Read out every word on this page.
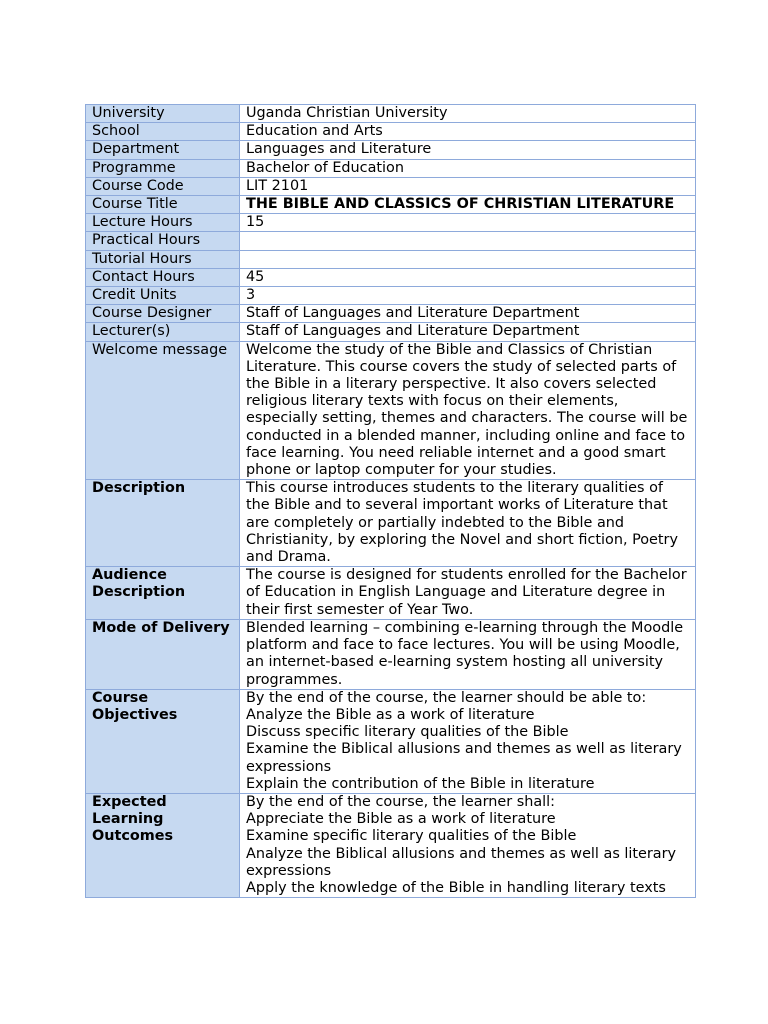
University	Uganda Christian University
School	Education and Arts
Department	Languages and Literature
Programme	Bachelor of Education
Course Code	LIT 2101
Course Title	THE BIBLE AND CLASSICS OF CHRISTIAN LITERATURE
Lecture Hours	15
Practical Hours	
Tutorial Hours	
Contact Hours	45
Credit Units	3
Course Designer	Staff of Languages and Literature Department
Lecturer(s)	Staff of Languages and Literature Department
Welcome message	Welcome the study of the Bible and Classics of Christian Literature. This course covers the study of selected parts of the Bible in a literary perspective. It also covers selected religious literary texts with focus on their elements, especially setting, themes and characters. The course will be conducted in a blended manner, including online and face to face learning. You need reliable internet and a good smart phone or laptop computer for your studies.
Description	This course introduces students to the literary qualities of the Bible and to several important works of Literature that are completely or partially indebted to the Bible and Christianity, by exploring the Novel and short fiction, Poetry and Drama.
Audience Description	The course is designed for students enrolled for the Bachelor of Education in English Language and Literature degree in their first semester of Year Two.
Mode of Delivery	Blended learning – combining e-learning through the Moodle platform and face to face lectures. You will be using Moodle, an internet-based e-learning system hosting all university programmes.
Course Objectives	By the end of the course, the learner should be able to:
Analyze the Bible as a work of literature
Discuss specific literary qualities of the Bible
Examine the Biblical allusions and themes as well as literary expressions
Explain the contribution of the Bible in literature

Expected Learning Outcomes	By the end of the course, the learner shall:
Appreciate the Bible as a work of literature
Examine specific literary qualities of the Bible
Analyze the Biblical allusions and themes as well as literary expressions
Apply the knowledge of the Bible in handling literary texts
